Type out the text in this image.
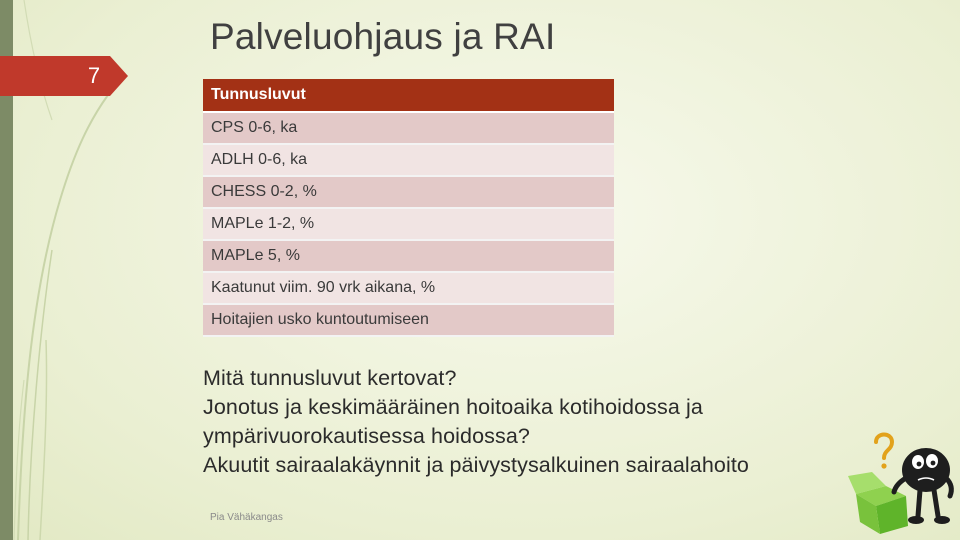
7
Palveluohjaus ja RAI
Tunnusluvut
CPS 0-6, ka
ADLH 0-6, ka
CHESS 0-2, %
MAPLe 1-2, %
MAPLe 5, %
Kaatunut viim. 90 vrk aikana, %
Hoitajien usko kuntoutumiseen

Mitä tunnusluvut kertovat?

Jonotus ja keskimääräinen hoitoaika kotihoidossa ja ympärivuorokautisessa hoidossa?

Akuutit sairaalakäynnit ja päivystysalkuinen sairaalahoito

Pia Vähäkangas
